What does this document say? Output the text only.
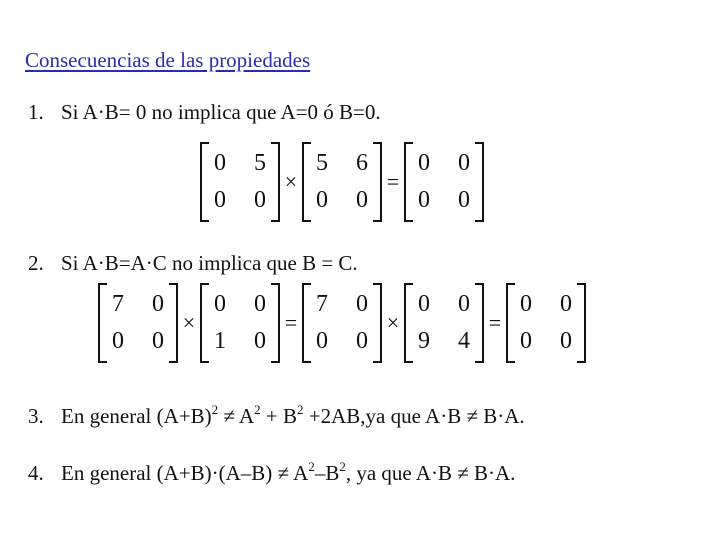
Consecuencias de las propiedades
1. Si A·B= 0 no implica que A=0 ó B=0.
0	5
0	0
×
5	6
0	0
=
0	0
0	0
2. Si A·B=A·C no implica que B = C.
7	0
0	0
×
0	0
1	0
=
7	0
0	0
×
0	0
9	4
=
0	0
0	0
3. En general $(A+B)^2 \ne A^2 + B^2 +2AB,ya$ que A·B ≠ B·A.
4. En general $(A+B)\cdot(A-B) \ne A^2-B^2$, ya que A·B ≠ B·A.
